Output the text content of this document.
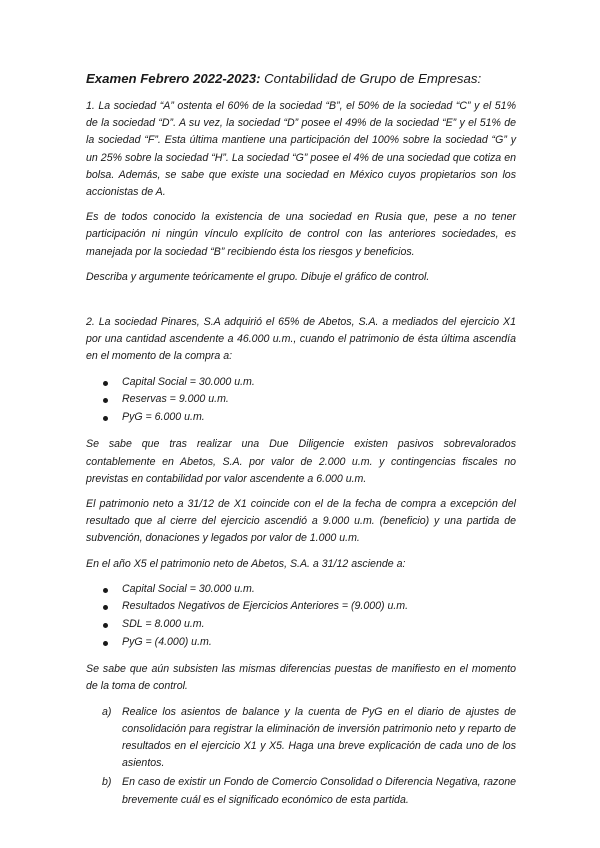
Examen Febrero 2022-2023: Contabilidad de Grupo de Empresas:

1. La sociedad “A” ostenta el 60% de la sociedad “B”, el 50% de la sociedad “C” y el 51% de la sociedad “D”. A su vez, la sociedad “D” posee el 49% de la sociedad “E” y el 51% de la sociedad “F”. Esta última mantiene una participación del 100% sobre la sociedad “G” y un 25% sobre la sociedad “H”. La sociedad “G” posee el 4% de una sociedad que cotiza en bolsa. Además, se sabe que existe una sociedad en México cuyos propietarios son los accionistas de A.

Es de todos conocido la existencia de una sociedad en Rusia que, pese a no tener participación ni ningún vínculo explícito de control con las anteriores sociedades, es manejada por la sociedad “B” recibiendo ésta los riesgos y beneficios.

Describa y argumente teóricamente el grupo. Dibuje el gráfico de control.

2. La sociedad Pinares, S.A adquirió el 65% de Abetos, S.A. a mediados del ejercicio X1 por una cantidad ascendente a 46.000 u.m., cuando el patrimonio de ésta última ascendía en el momento de la compra a:

Capital Social = 30.000 u.m.
Reservas = 9.000 u.m.
PyG = 6.000 u.m.

Se sabe que tras realizar una Due Diligencie existen pasivos sobrevalorados contablemente en Abetos, S.A. por valor de 2.000 u.m. y contingencias fiscales no previstas en contabilidad por valor ascendente a 6.000 u.m.

El patrimonio neto a 31/12 de X1 coincide con el de la fecha de compra a excepción del resultado que al cierre del ejercicio ascendió a 9.000 u.m. (beneficio) y una partida de subvención, donaciones y legados por valor de 1.000 u.m.

En el año X5 el patrimonio neto de Abetos, S.A. a 31/12 asciende a:

Capital Social = 30.000 u.m.
Resultados Negativos de Ejercicios Anteriores = (9.000) u.m.
SDL = 8.000 u.m.
PyG = (4.000) u.m.

Se sabe que aún subsisten las mismas diferencias puestas de manifiesto en el momento de la toma de control.

a) Realice los asientos de balance y la cuenta de PyG en el diario de ajustes de consolidación para registrar la eliminación de inversión patrimonio neto y reparto de resultados en el ejercicio X1 y X5. Haga una breve explicación de cada uno de los asientos.
b) En caso de existir un Fondo de Comercio Consolidad o Diferencia Negativa, razone brevemente cuál es el significado económico de esta partida.
